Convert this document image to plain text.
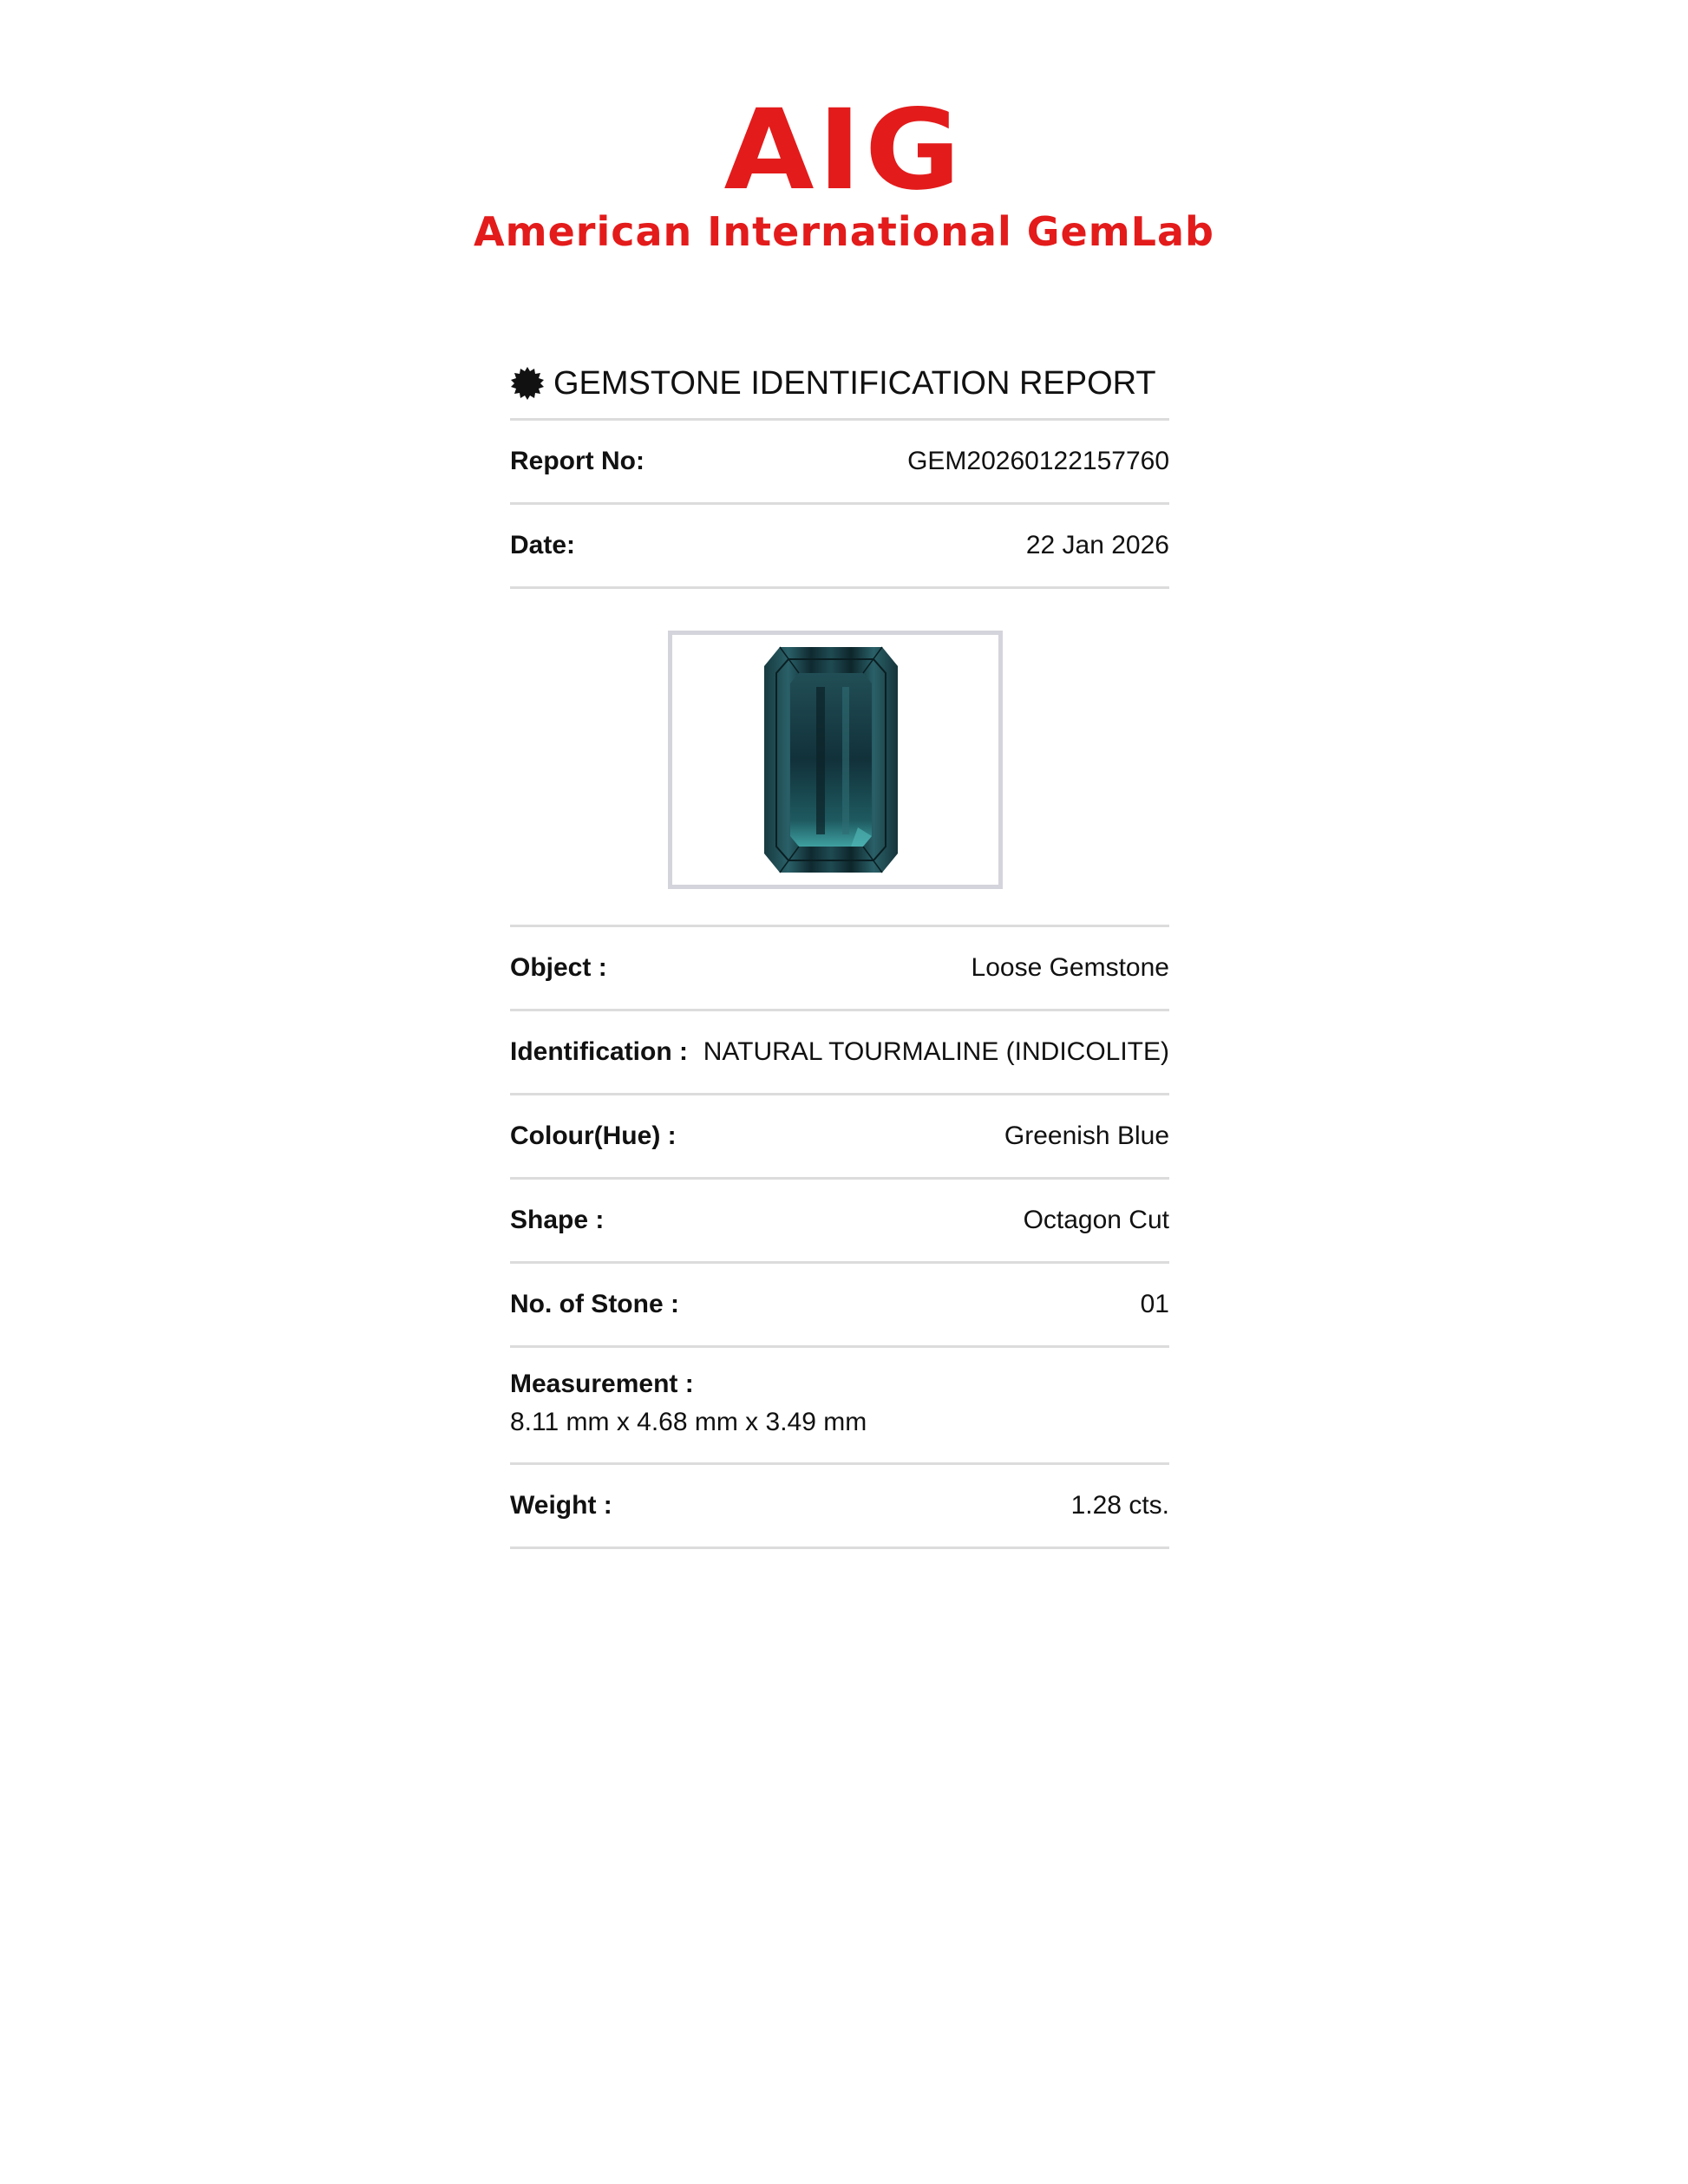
AIG
American International GemLab
GEMSTONE IDENTIFICATION REPORT
Report No:	GEM20260122157760
Date:	22 Jan 2026
Object :	Loose Gemstone
Identification : NATURAL TOURMALINE (INDICOLITE)
Colour(Hue) :	Greenish Blue
Shape :	Octagon Cut
No. of Stone :	01
Measurement :
8.11 mm x 4.68 mm x 3.49 mm
Weight :	1.28 cts.
